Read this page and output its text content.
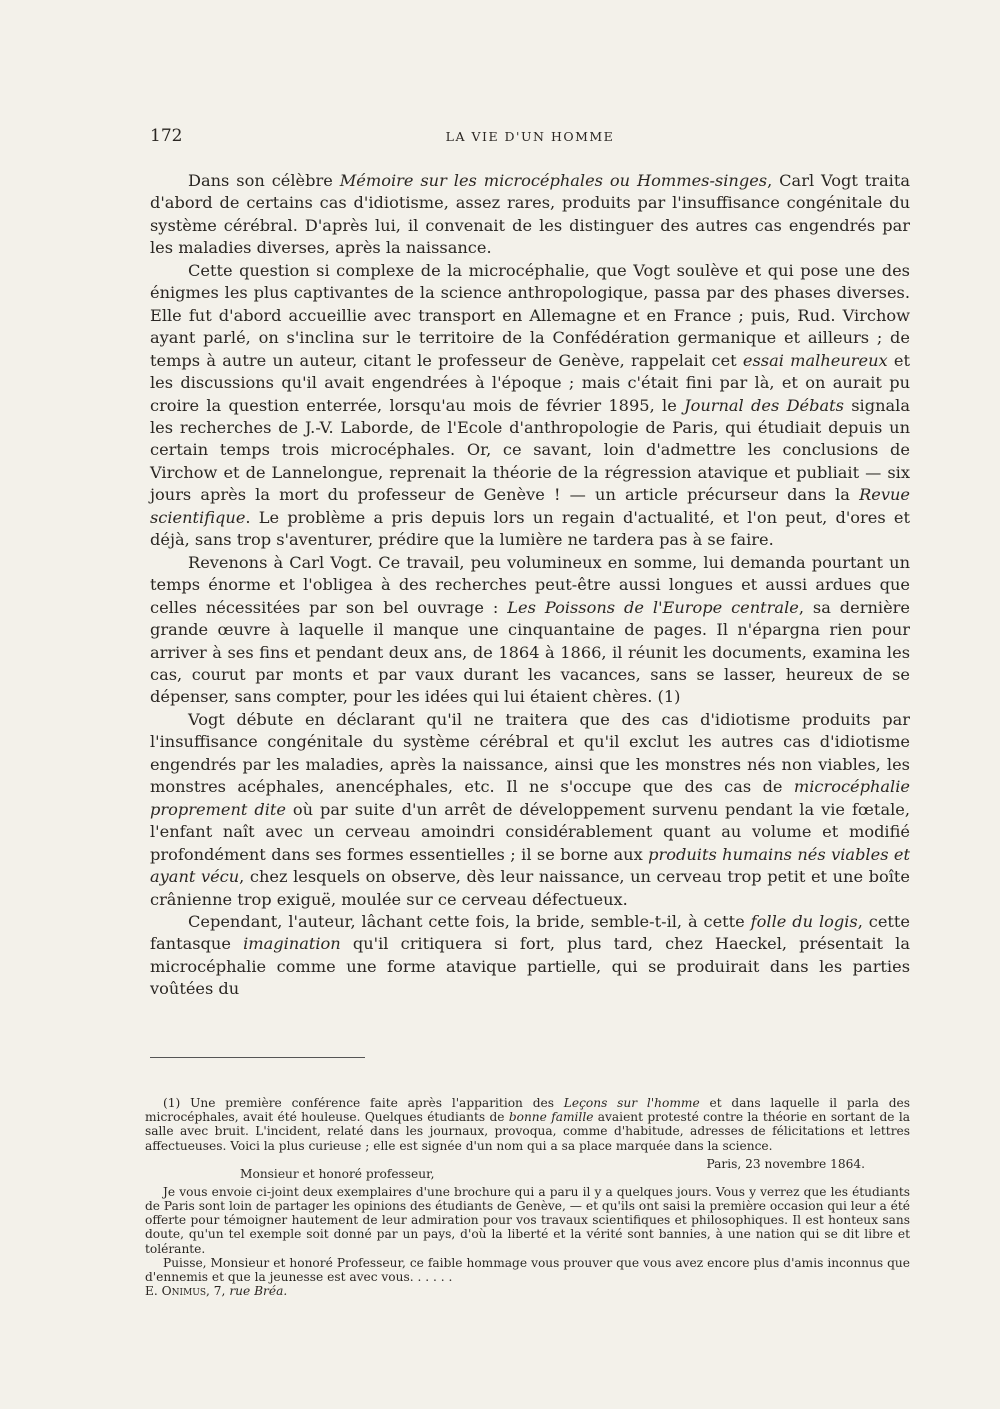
172	LA VIE D'UN HOMME

Dans son célèbre Mémoire sur les microcéphales ou Hommes-singes, Carl Vogt traita d'abord de certains cas d'idiotisme, assez rares, produits par l'insuffisance congénitale du système cérébral. D'après lui, il convenait de les distinguer des autres cas engendrés par les maladies diverses, après la naissance.

Cette question si complexe de la microcéphalie, que Vogt soulève et qui pose une des énigmes les plus captivantes de la science anthropologique, passa par des phases diverses. Elle fut d'abord accueillie avec transport en Allemagne et en France ; puis, Rud. Virchow ayant parlé, on s'inclina sur le territoire de la Confédération germanique et ailleurs ; de temps à autre un auteur, citant le professeur de Genève, rappelait cet essai malheureux et les discussions qu'il avait engendrées à l'époque ; mais c'était fini par là, et on aurait pu croire la question enterrée, lorsqu'au mois de février 1895, le Journal des Débats signala les recherches de J.-V. Laborde, de l'Ecole d'anthropologie de Paris, qui étudiait depuis un certain temps trois microcéphales. Or, ce savant, loin d'admettre les conclusions de Virchow et de Lannelongue, reprenait la théorie de la régression atavique et publiait — six jours après la mort du professeur de Genève ! — un article précurseur dans la Revue scientifique. Le problème a pris depuis lors un regain d'actualité, et l'on peut, d'ores et déjà, sans trop s'aventurer, prédire que la lumière ne tardera pas à se faire.

Revenons à Carl Vogt. Ce travail, peu volumineux en somme, lui demanda pourtant un temps énorme et l'obligea à des recherches peut-être aussi longues et aussi ardues que celles nécessitées par son bel ouvrage : Les Poissons de l'Europe centrale, sa dernière grande œuvre à laquelle il manque une cinquantaine de pages. Il n'épargna rien pour arriver à ses fins et pendant deux ans, de 1864 à 1866, il réunit les documents, examina les cas, courut par monts et par vaux durant les vacances, sans se lasser, heureux de se dépenser, sans compter, pour les idées qui lui étaient chères. (1)

Vogt débute en déclarant qu'il ne traitera que des cas d'idiotisme produits par l'insuffisance congénitale du système cérébral et qu'il exclut les autres cas d'idiotisme engendrés par les maladies, après la naissance, ainsi que les monstres nés non viables, les monstres acéphales, anencéphales, etc. Il ne s'occupe que des cas de microcéphalie proprement dite où par suite d'un arrêt de développement survenu pendant la vie fœtale, l'enfant naît avec un cerveau amoindri considérablement quant au volume et modifié profondément dans ses formes essentielles ; il se borne aux produits humains nés viables et ayant vécu, chez lesquels on observe, dès leur naissance, un cerveau trop petit et une boîte crânienne trop exiguë, moulée sur ce cerveau défectueux.

Cependant, l'auteur, lâchant cette fois, la bride, semble-t-il, à cette folle du logis, cette fantasque imagination qu'il critiquera si fort, plus tard, chez Haeckel, présentait la microcéphalie comme une forme atavique partielle, qui se produirait dans les parties voûtées du

(1) Une première conférence faite après l'apparition des Leçons sur l'homme et dans laquelle il parla des microcéphales, avait été houleuse. Quelques étudiants de bonne famille avaient protesté contre la théorie en sortant de la salle avec bruit. L'incident, relaté dans les journaux, provoqua, comme d'habitude, adresses de félicitations et lettres affectueuses. Voici la plus curieuse ; elle est signée d'un nom qui a sa place marquée dans la science.

Paris, 23 novembre 1864.
Monsieur et honoré professeur,

Je vous envoie ci-joint deux exemplaires d'une brochure qui a paru il y a quelques jours. Vous y verrez que les étudiants de Paris sont loin de partager les opinions des étudiants de Genève, — et qu'ils ont saisi la première occasion qui leur a été offerte pour témoigner hautement de leur admiration pour vos travaux scientifiques et philosophiques. Il est honteux sans doute, qu'un tel exemple soit donné par un pays, d'où la liberté et la vérité sont bannies, à une nation qui se dit libre et tolérante.

Puisse, Monsieur et honoré Professeur, ce faible hommage vous prouver que vous avez encore plus d'amis inconnus que d'ennemis et que la jeunesse est avec vous. . . . . .

E. Onimus, 7, rue Bréa.
